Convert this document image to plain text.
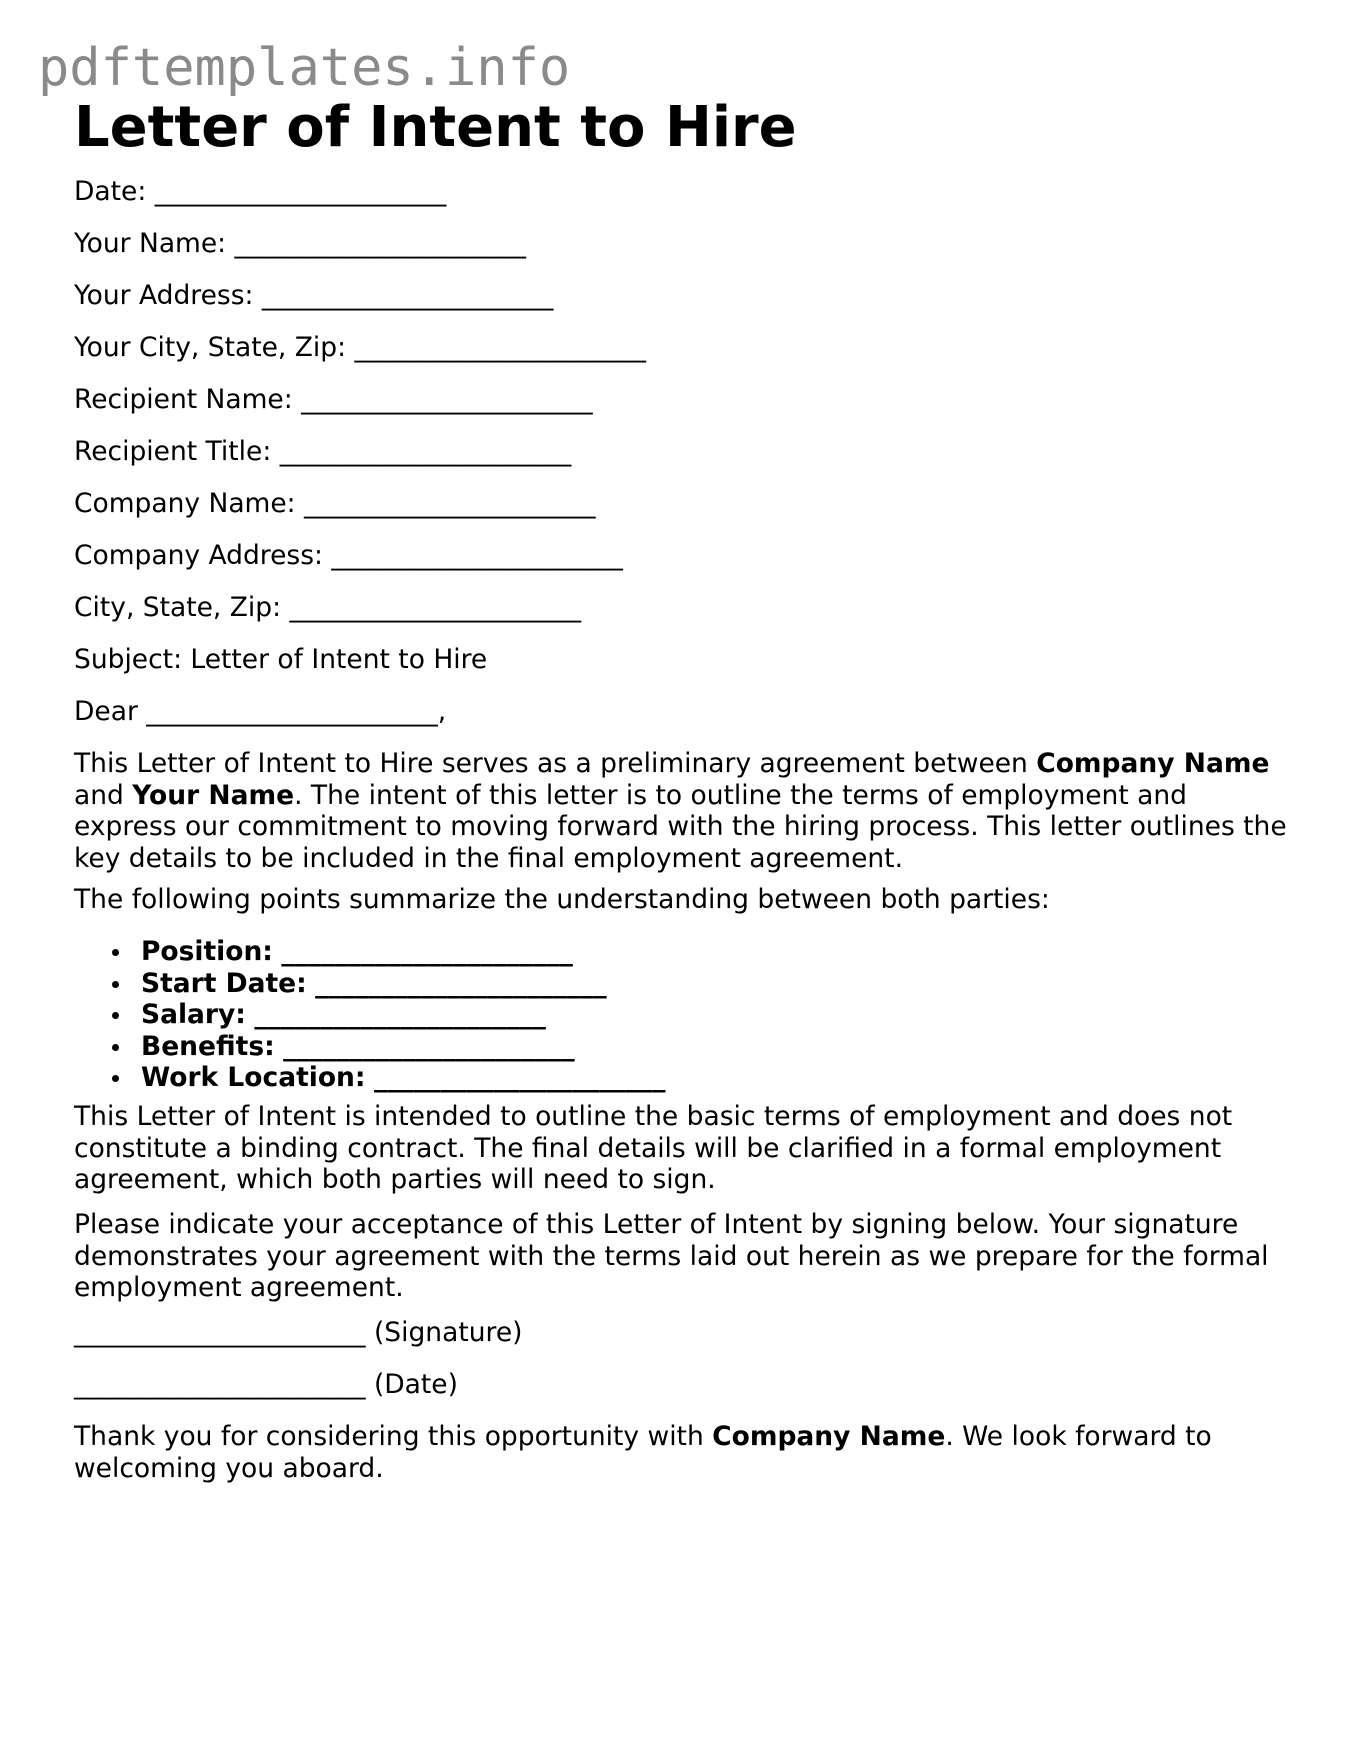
pdftemplates.info
Letter of Intent to Hire
Date: ______________________
Your Name: ______________________
Your Address: ______________________
Your City, State, Zip: ______________________
Recipient Name: ______________________
Recipient Title: ______________________
Company Name: ______________________
Company Address: ______________________
City, State, Zip: ______________________
Subject: Letter of Intent to Hire
Dear ______________________,
This Letter of Intent to Hire serves as a preliminary agreement between Company Name and Your Name. The intent of this letter is to outline the terms of employment and express our commitment to moving forward with the hiring process. This letter outlines the key details to be included in the final employment agreement.
The following points summarize the understanding between both parties:
Position: ______________________
Start Date: ______________________
Salary: ______________________
Benefits: ______________________
Work Location: ______________________
This Letter of Intent is intended to outline the basic terms of employment and does not constitute a binding contract. The final details will be clarified in a formal employment agreement, which both parties will need to sign.
Please indicate your acceptance of this Letter of Intent by signing below. Your signature demonstrates your agreement with the terms laid out herein as we prepare for the formal employment agreement.
______________________ (Signature)
______________________ (Date)
Thank you for considering this opportunity with Company Name. We look forward to welcoming you aboard.
